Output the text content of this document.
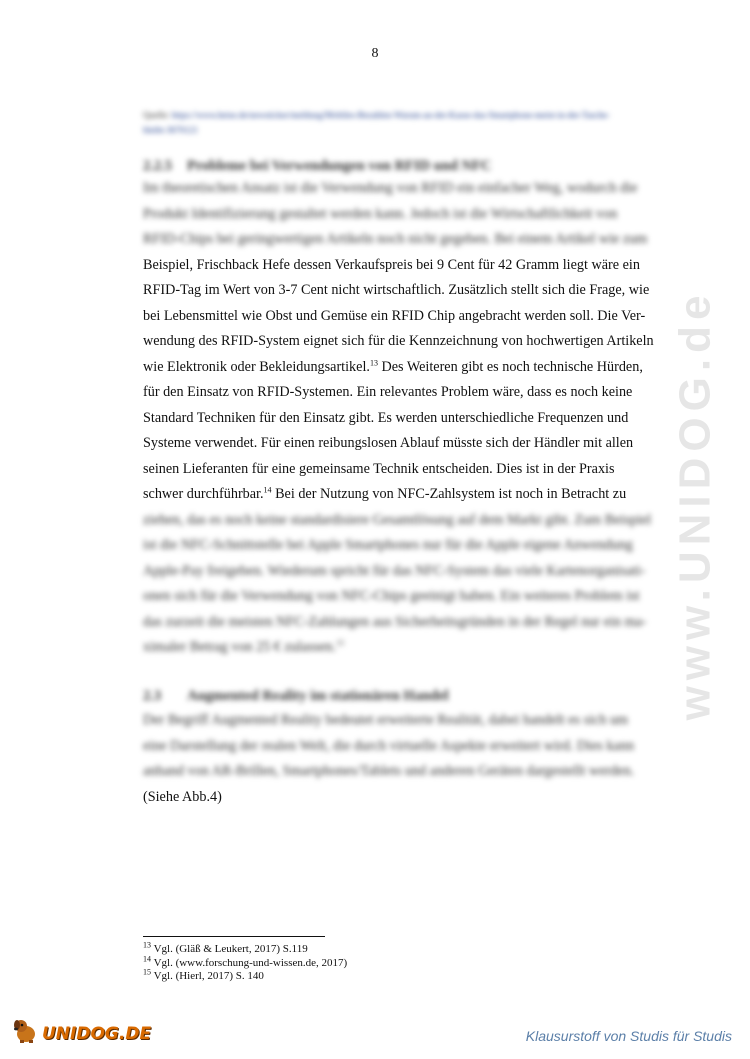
www.UNIDOG.de
8
Quelle: https://www.heise.de/newsticker/meldung/Mobiles-Bezahlen-Warum-an-der-Kasse-das-Smartphone-meist-in-der-Tasche-bleibt-3670121
2.2.5 Probleme bei Verwendungen von RFID und NFC
Im theoretischen Ansatz ist die Verwendung von RFID ein einfacher Weg, wodurch die
Produkt Identifizierung gestaltet werden kann. Jedoch ist die Wirtschaftlichkeit von
RFID-Chips bei geringwertigen Artikeln noch nicht gegeben. Bei einem Artikel wie zum
Beispiel, Frischback Hefe dessen Verkaufspreis bei 9 Cent für 42 Gramm liegt wäre ein
RFID-Tag im Wert von 3-7 Cent nicht wirtschaftlich. Zusätzlich stellt sich die Frage, wie
bei Lebensmittel wie Obst und Gemüse ein RFID Chip angebracht werden soll. Die Ver-
wendung des RFID-System eignet sich für die Kennzeichnung von hochwertigen Artikeln
wie Elektronik oder Bekleidungsartikel.$^{13}$ Des Weiteren gibt es noch technische Hürden,
für den Einsatz von RFID-Systemen. Ein relevantes Problem wäre, dass es noch keine
Standard Techniken für den Einsatz gibt. Es werden unterschiedliche Frequenzen und
Systeme verwendet. Für einen reibungslosen Ablauf müsste sich der Händler mit allen
seinen Lieferanten für eine gemeinsame Technik entscheiden. Dies ist in der Praxis
schwer durchführbar.$^{14}$ Bei der Nutzung von NFC-Zahlsystem ist noch in Betracht zu
ziehen, das es noch keine standardisiere Gesamtlösung auf dem Markt gibt. Zum Beispiel
ist die NFC-Schnittstelle bei Apple Smartphones nur für die Apple eigene Anwendung
Apple-Pay freigeben. Wiederum spricht für das NFC-System das viele Kartenorganisati-
onen sich für die Verwendung von NFC-Chips geeinigt haben. Ein weiteres Problem ist
das zurzeit die meisten NFC-Zahlungen aus Sicherheitsgründen in der Regel nur ein ma-
ximaler Betrag von 25 € zulassen.$^{15}$
2.3 Augmented Reality im stationären Handel
Der Begriff Augmented Reality bedeutet erweiterte Realität, dabei handelt es sich um
eine Darstellung der realen Welt, die durch virtuelle Aspekte erweitert wird. Dies kann
anhand von AR-Brillen, Smartphones/Tablets und anderen Geräten dargestellt werden.
(Siehe Abb.4)
$^{13}$ Vgl. (Gläß & Leukert, 2017) S.119
$^{14}$ Vgl. (www.forschung-und-wissen.de, 2017)
$^{15}$ Vgl. (Hierl, 2017) S. 140
UNIDOG.DE	Klausurstoff von Studis für Studis
